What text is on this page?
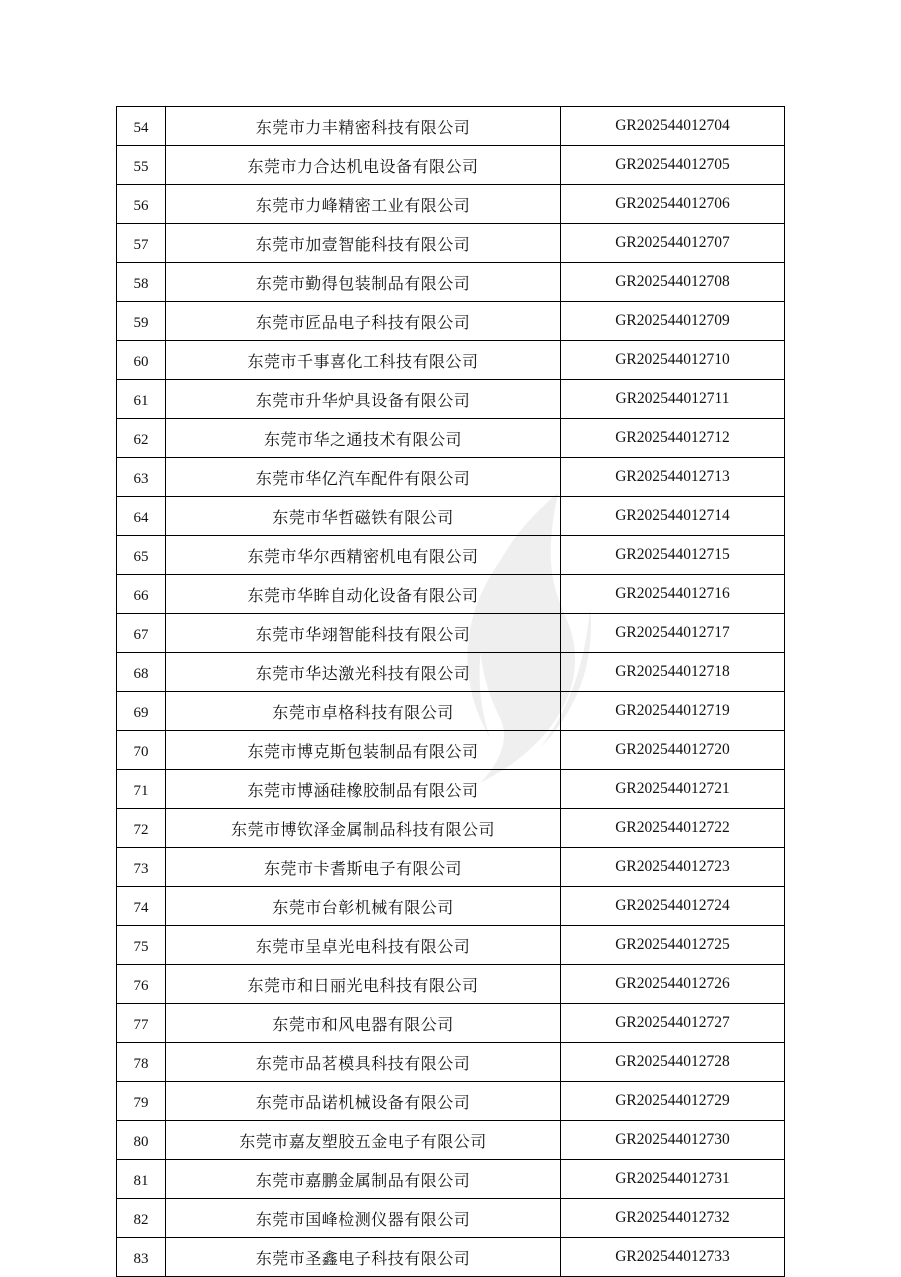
54	东莞市力丰精密科技有限公司	GR202544012704
55	东莞市力合达机电设备有限公司	GR202544012705
56	东莞市力峰精密工业有限公司	GR202544012706
57	东莞市加壹智能科技有限公司	GR202544012707
58	东莞市勤得包装制品有限公司	GR202544012708
59	东莞市匠品电子科技有限公司	GR202544012709
60	东莞市千事喜化工科技有限公司	GR202544012710
61	东莞市升华炉具设备有限公司	GR202544012711
62	东莞市华之通技术有限公司	GR202544012712
63	东莞市华亿汽车配件有限公司	GR202544012713
64	东莞市华哲磁铁有限公司	GR202544012714
65	东莞市华尔西精密机电有限公司	GR202544012715
66	东莞市华眸自动化设备有限公司	GR202544012716
67	东莞市华翊智能科技有限公司	GR202544012717
68	东莞市华达激光科技有限公司	GR202544012718
69	东莞市卓格科技有限公司	GR202544012719
70	东莞市博克斯包装制品有限公司	GR202544012720
71	东莞市博涵硅橡胶制品有限公司	GR202544012721
72	东莞市博钦泽金属制品科技有限公司	GR202544012722
73	东莞市卡耆斯电子有限公司	GR202544012723
74	东莞市台彰机械有限公司	GR202544012724
75	东莞市呈卓光电科技有限公司	GR202544012725
76	东莞市和日丽光电科技有限公司	GR202544012726
77	东莞市和风电器有限公司	GR202544012727
78	东莞市品茗模具科技有限公司	GR202544012728
79	东莞市品诺机械设备有限公司	GR202544012729
80	东莞市嘉友塑胶五金电子有限公司	GR202544012730
81	东莞市嘉鹏金属制品有限公司	GR202544012731
82	东莞市国峰检测仪器有限公司	GR202544012732
83	东莞市圣鑫电子科技有限公司	GR202544012733
